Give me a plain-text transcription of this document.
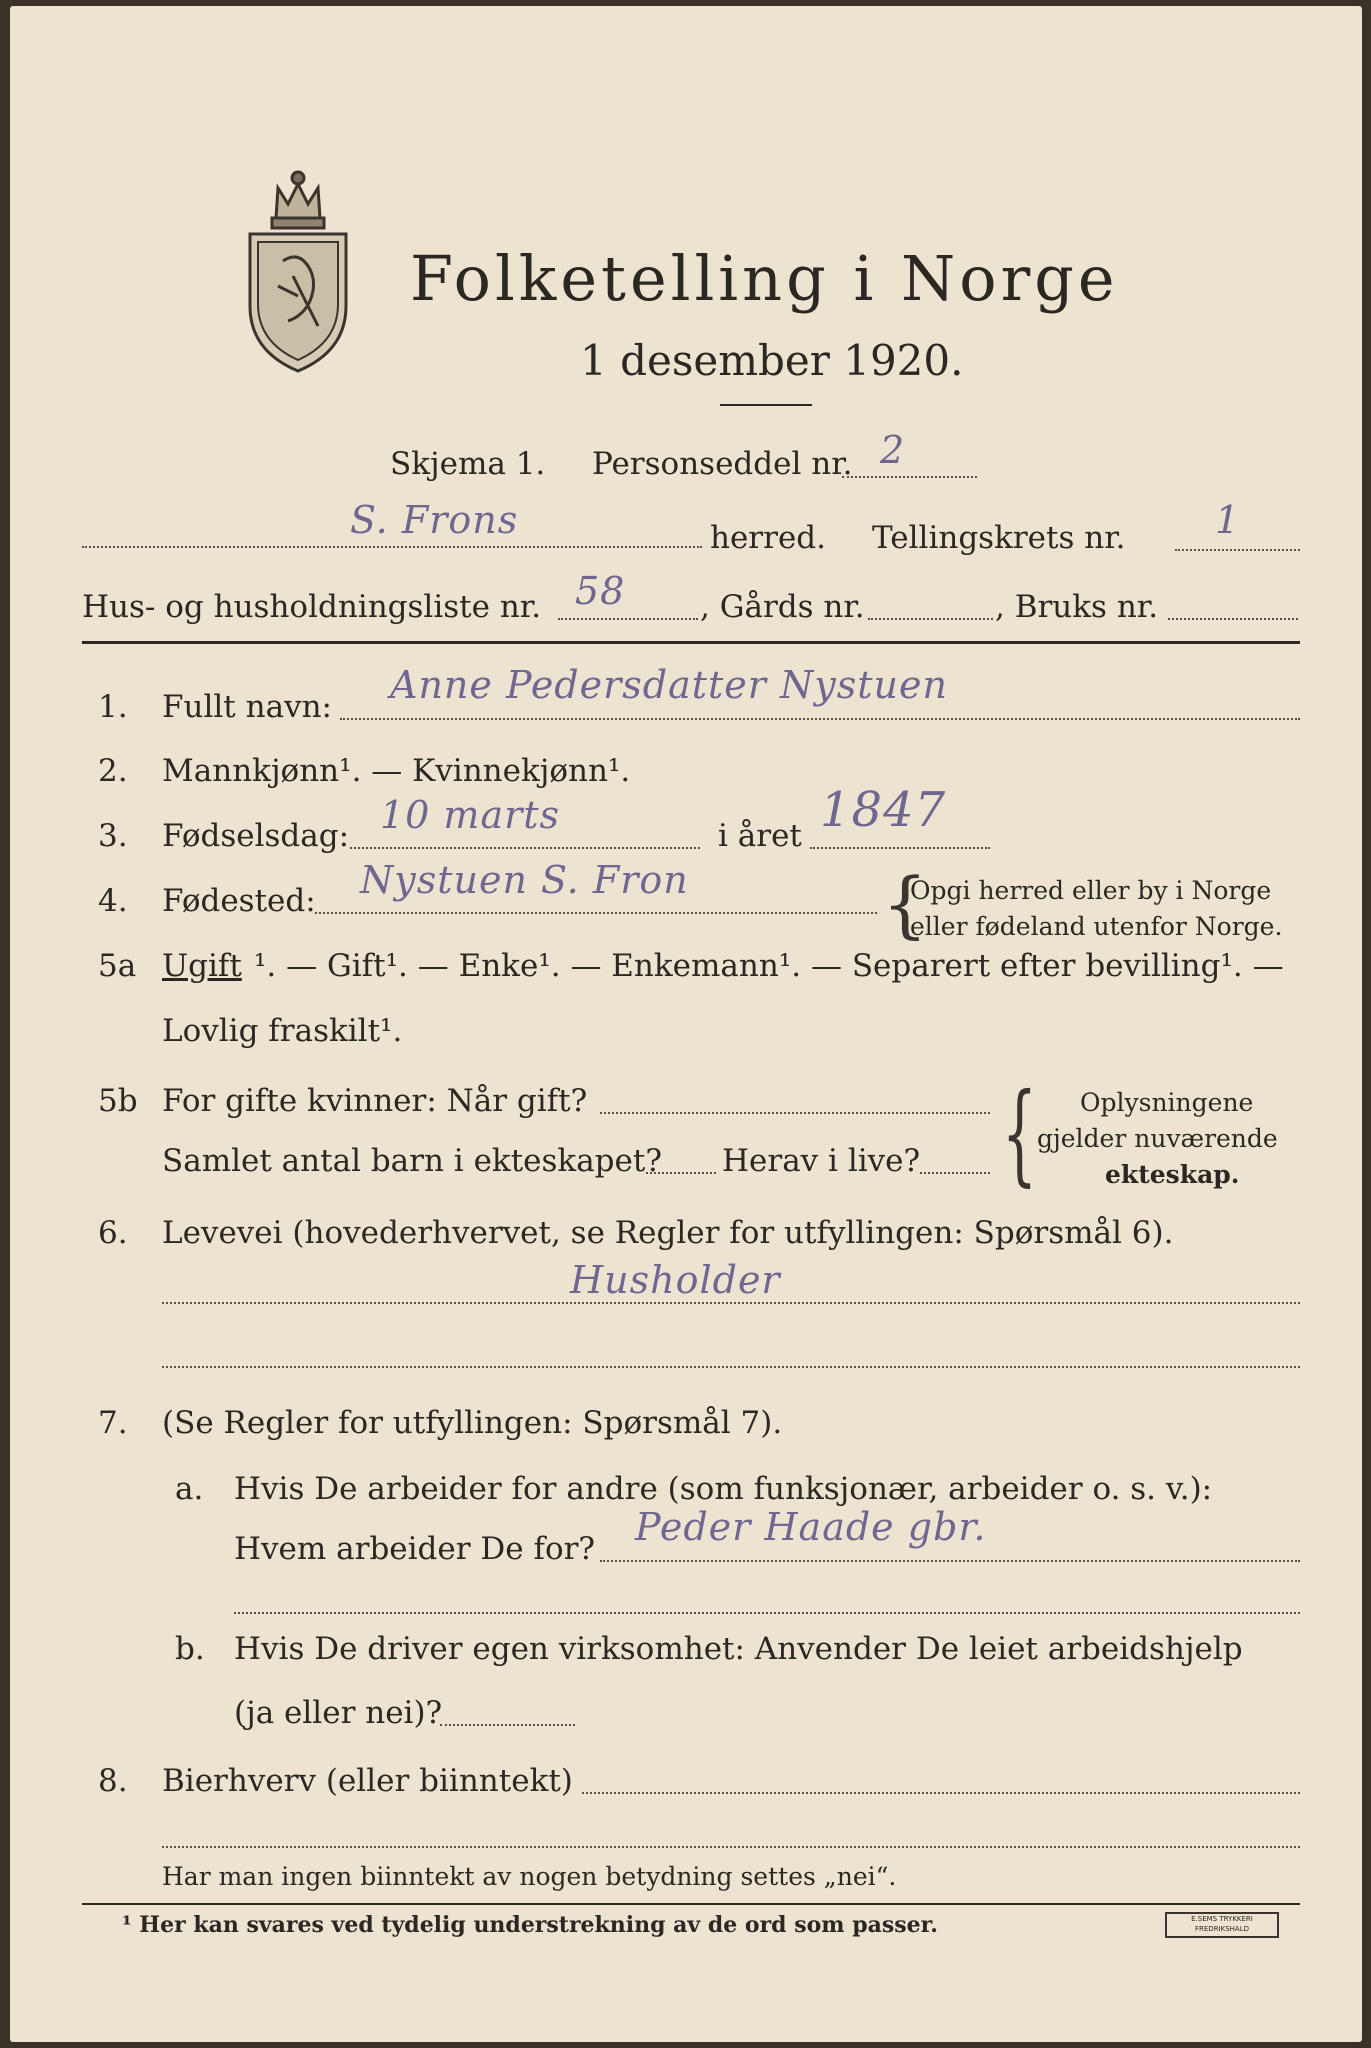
Folketelling i Norge
1 desember 1920.
Skjema 1. Personseddel nr. 2
S. Frons	herred. Tellingskrets nr. 1
Hus- og husholdningsliste nr. 58 , Gårds nr.	, Bruks nr.
1. Fullt navn: Anne Pedersdatter Nystuen
2. Mannkjønn¹. — Kvinnekjønn¹.
3. Fødselsdag: 10 marts	i året 1847
4. Fødested: Nystuen S. Fron	{
Opgi herred eller by i Norge
eller fødeland utenfor Norge.
5a Ugift ¹. — Gift¹. — Enke¹. — Enkemann¹. — Separert efter bevilling¹. —
Lovlig fraskilt¹.
5b For gifte kvinner: Når gift?
Samlet antal barn i ekteskapet? Herav i live? { Oplysningene
gjelder nuværende
ekteskap.
6. Levevei (hovederhvervet, se Regler for utfyllingen: Spørsmål 6).
Husholder
7. (Se Regler for utfyllingen: Spørsmål 7).
a. Hvis De arbeider for andre (som funksjonær, arbeider o. s. v.):
Hvem arbeider De for? Peder Haade gbr.
b. Hvis De driver egen virksomhet: Anvender De leiet arbeidshjelp
(ja eller nei)?
8. Bierhverv (eller biinntekt)
Har man ingen biinntekt av nogen betydning settes „nei“.
¹ Her kan svares ved tydelig understrekning av de ord som passer.	E.SEMS TRYKKERI FREDRIKSHALD
